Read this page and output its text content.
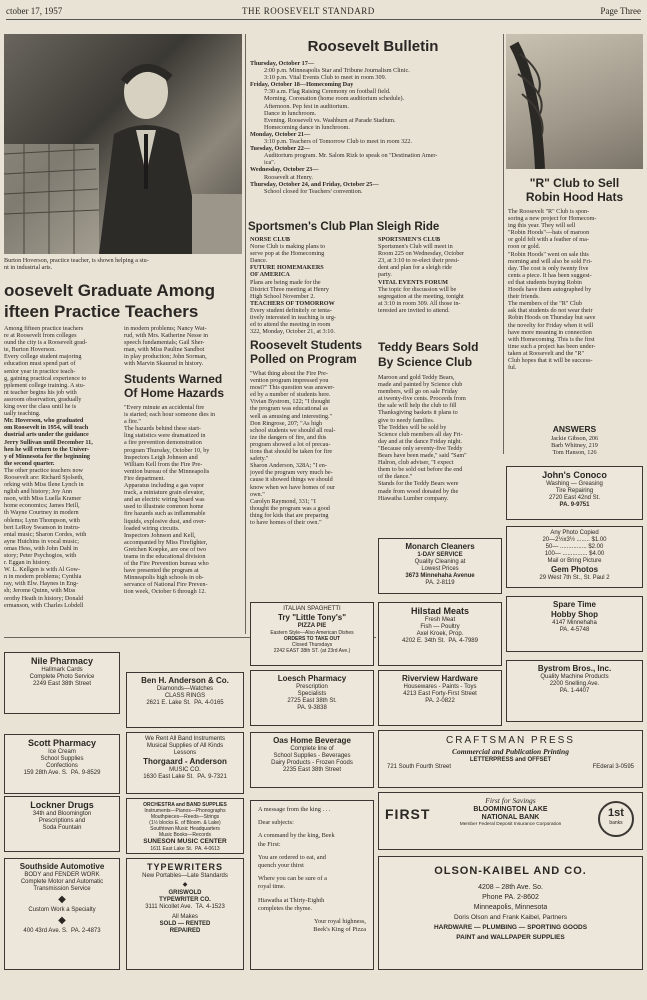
ctober 17, 1957	THE ROOSEVELT STANDARD	Page Three
Burton Hoverson, practice teacher, is shown helping a stu-
nt in industrial arts.
oosevelt Graduate Among
ifteen Practice Teachers
Among fifteen practice teachers
re at Roosevelt from colleges
ound the city is a Roosevelt grad-
te, Burton Hoverson.
Every college student majoring
education must spend part of
senior year in practice teach-
g, gaining practical experience to
pplement college training. A stu-
nt teacher begins his job with
assroom observation, gradually
king over the class until he is
ually teaching.
Mr. Hoverson, who graduated
om Roosevelt in 1954, will teach
dustrial arts under the guidance
Jerry Sullivan until December 11,
hen he will return to the Univer-
y of Minnesota for the beginning
the second quarter.
The other practice teachers now
Roosevelt are: Richard Sjolseth,
orking with Miss Ilene Lynch in
nglish and history; Joy Ann
nson, with Miss Luella Kramer
home economics; James Heill,
th Wayne Courtney in modern
oblems; Lynn Thompson, with
bert LeRoy Swanson in instru-
ental music; Sharon Cordes, with
ayne Hutchins in vocal music;
omas Hess, with John Dahl in
story; Peter Psychogios, with
r. Eggan in history.
W. L. Kellgen is with Al Gow-
n in modern problems; Cynthia
ray, with Elw. Haynes in Eng-
sh; Jerome Quinn, with Miss
orothy Heath in history; Donald
ermanson, with Charles Lobdell
in modern problems; Nancy Wat-
rud, with Mrs. Katherine Nesse in
speech fundamentals; Gail Sher-
man, with Miss Pauline Sandbot
in play production; John Sorman,
with Marvin Skaurud in history.
Students Warned
Of Home Hazards
"Every minute an accidental fire
is started; each hour someone dies in
a fire."
The hazards behind these start-
ling statistics were dramatized in
a fire prevention demonstration
program Thursday, October 10, by
Inspectors Leigh Johnson and
William Kell from the Fire Pre-
vention bureau of the Minneapolis
Fire department.
Apparatus including a gas vapor
track, a miniature grain elevator,
and an electric wiring board was
used to illustrate common home
fire hazards such as inflammable
liquids, explosive dust, and over-
loaded wiring circuits.
Inspectors Johnson and Kell,
accompanied by Miss Firefighter,
Gretchen Koepke, are one of two
teams in the educational division
of the Fire Prevention bureau who
have presented the program at
Minneapolis high schools in ob-
servance of National Fire Preven-
tion week, October 6 through 12.
Roosevelt Bulletin
Thursday, October 17—
2:00 p.m. Minneapolis Star and Tribune Journalism Clinic.
3:10 p.m. Vital Events Club to meet in room 309.
Friday, October 18—Homecoming Day
7:30 a.m. Flag Raising Ceremony on football field.
Morning. Coronation (home room auditorium schedule).
Afternoon. Pep fest in auditorium.
Dance in lunchroom.
Evening. Roosevelt vs. Washburn at Parade Stadium.
Homecoming dance in lunchroom.
Monday, October 21—
3:10 p.m. Teachers of Tomorrow Club to meet in room 322.
Tuesday, October 22—
Auditorium program. Mr. Salom Rizk to speak on "Destination Amer-
ica".
Wednesday, October 23—
Roosevelt at Henry.
Thursday, October 24, and Friday, October 25—
School closed for Teachers' convention.
Sportsmen's Club Plan Sleigh Ride
NORSE CLUB
Norse Club is making plans to
serve pop at the Homecoming
Dance.
FUTURE HOMEMAKERS
OF AMERICA
Plans are being made for the
District Three meeting at Henry
High School November 2.
TEACHERS OF TOMORROW
Every student definitely or tenta-
tively interested in teaching is urg-
ed to attend the meeting in room
322, Monday, October 21, at 3:10.
SPORTSMEN'S CLUB
Sportsmen's Club will meet in
Room 225 on Wednesday, October
23, at 3:10 to re-elect their presi-
dent and plan for a sleigh ride
party.
VITAL EVENTS FORUM
The topic for discussion will be
segregation at the meeting, tonight
at 3:10 in room 309. All those in-
terested are invited to attend.
Roosevelt Students
Polled on Program
"What thing about the Fire Pre-
vention program impressed you
most?" This question was answer-
ed by a number of students here.
Vivian Bystrom, 122; "I thought
the program was educational as
well as amusing and interesting."
Don Ringrose, 207; "As high
school students we should all real-
ize the dangers of fire, and this
program showed a lot of precau-
tions that should be taken for fire
safety."
Sharon Anderson, 328A; "I en-
joyed the program very much be-
cause it showed things we should
know when we have homes of our
own."
Carolyn Raymond, 331; "I
thought the program was a good
thing for kids that are preparing
to have homes of their own."
Teddy Bears Sold
By Science Club
Maroon and gold Teddy Bears,
made and painted by Science club
members, will go on sale Friday
at twenty-five cents. Proceeds from
the sale will help the club to fill
Thanksgiving baskets it plans to
give to needy families.
The Teddies will be sold by
Science club members all day Fri-
day and at the dance Friday night.
"Because only seventy-five Teddy
Bears have been made," said "Sam"
Halron, club adviser, "I expect
them to be sold out before the end
of the dance."
Stands for the Teddy Bears were
made from wood donated by the
Hiawatha Lumber company.
"R" Club to Sell
Robin Hood Hats
The Roosevelt "R" Club is spon-
soring a new project for Homecom-
ing this year. They will sell
"Robin Hoods"—hats of maroon
or gold felt with a feather of ma-
roon or gold.
"Robin Hoods" went on sale this
morning and will also be sold Fri-
day. The cost is only twenty five
cents a piece. It has been suggest-
ed that students buying Robin
Hoods have them autographed by
their friends.
The members of the "R" Club
ask that students do not wear their
Robin Hoods on Thursday but save
the novelty for Friday when it will
have more meaning in connection
with Homecoming. This is the first
time such a project has been under-
taken at Roosevelt and the "R"
Club hopes that it will be success-
ful.
ANSWERS
Jackie Gibson, 206
Barb Whitney, 219
Tom Hanson, 126
Nile Pharmacy
Hallmark Cards
Complete Photo Service
2249 East 38th Street
Scott Pharmacy
Ice Cream
School Supplies
Confections
159 28th Ave. S. PA. 9-8529
Lockner Drugs
34th and Bloomington
Prescriptions and
Soda Fountain
Southside Automotive
BODY and FENDER WORK
Complete Motor and Automatic
Transmission Service
◆
Custom Work a Specialty
◆
400 43rd Ave. S. PA. 2-4873
Ben H. Anderson & Co.
Diamonds—Watches
CLASS RINGS
2621 E. Lake St. PA. 4-0165
We Rent All Band Instruments
Musical Supplies of All Kinds
Lessons
Thorgaard - Anderson
MUSIC CO.
1630 East Lake St. PA. 9-7321
ORCHESTRA and BAND SUPPLIES
Instruments—Pianos—Phonographs
Mouthpieces—Reeds—Strings
(1½ blocks E. of Bloom. & Lake)
Southtown Music Headquarters
Music Books—Records
SUNESON MUSIC CENTER
1611 East Lake St. PA. 4-0613
TYPEWRITERS
New Portables—Late Standards
◆
GRISWOLD
TYPEWRITER CO.
3111 Nicollet Ave. TA. 4-1523
All Makes
SOLD — RENTED
REPAIRED
ITALIAN SPAGHETTI
Try "Little Tony's"
PIZZA PIE
Eastern Style—Also American Dishes
ORDERS TO TAKE OUT
Closed Thursdays
2242 EAST 38th ST. (at 23rd Ave.)
Loesch Pharmacy
Prescription
Specialists
2725 East 38th St.
PA. 9-3838
Oas Home Beverage
Complete line of
School Supplies - Beverages
Dairy Products - Frozen Foods
2235 East 38th Street
A message from the king . . .
Dear subjects:
A command by the king, Beek
the First:
You are ordered to eat, and
quench your thirst
Where you can be sure of a
royal time.
Hiawatha at Thirty-Eighth
completes the rhyme.
Your royal highness,
Beek's King of Pizza
Monarch Cleaners
1-DAY SERVICE
Quality Cleaning at
Lowest Prices
3673 Minnehaha Avenue
PA. 2-8119
Hilstad Meats
Fresh Meat
Fish — Poultry
Axel Kroek, Prop.
4202 E. 34th St. PA. 4-7989
Riverview Hardware
Housewares - Paints - Toys
4213 East Forty-First Street
PA. 2-0822
John's Conoco
Washing — Greasing
Tire Repairing
2720 East 42nd St.
PA. 9-9751
Any Photo Copied
20—2½x3½ ........ $1.00
50— ................ $2.00
100— ............... $4.00
Mail or Bring Picture
Gem Photos
29 West 7th St., St. Paul 2
Spare Time
Hobby Shop
4147 Minnehaha
PA. 4-5748
Bystrom Bros., Inc.
Quality Machine Products
2200 Snelling Ave.
PA. 1-4407
CRAFTSMAN PRESS
Commercial and Publication Printing
LETTERPRESS and OFFSET
721 South Fourth Street	FEderal 3-0595
First for Savings
FIRST	BLOOMINGTON LAKE
NATIONAL BANK
Member Federal Deposit Insurance Corporation
1st
banks
OLSON-KAIBEL AND CO.
4208 – 28th Ave. So.
Phone PA. 2-8602
Minneapolis, Minnesota
Doris Olson and Frank Kaibel, Partners
HARDWARE — PLUMBING — SPORTING GOODS
PAINT and WALLPAPER SUPPLIES
